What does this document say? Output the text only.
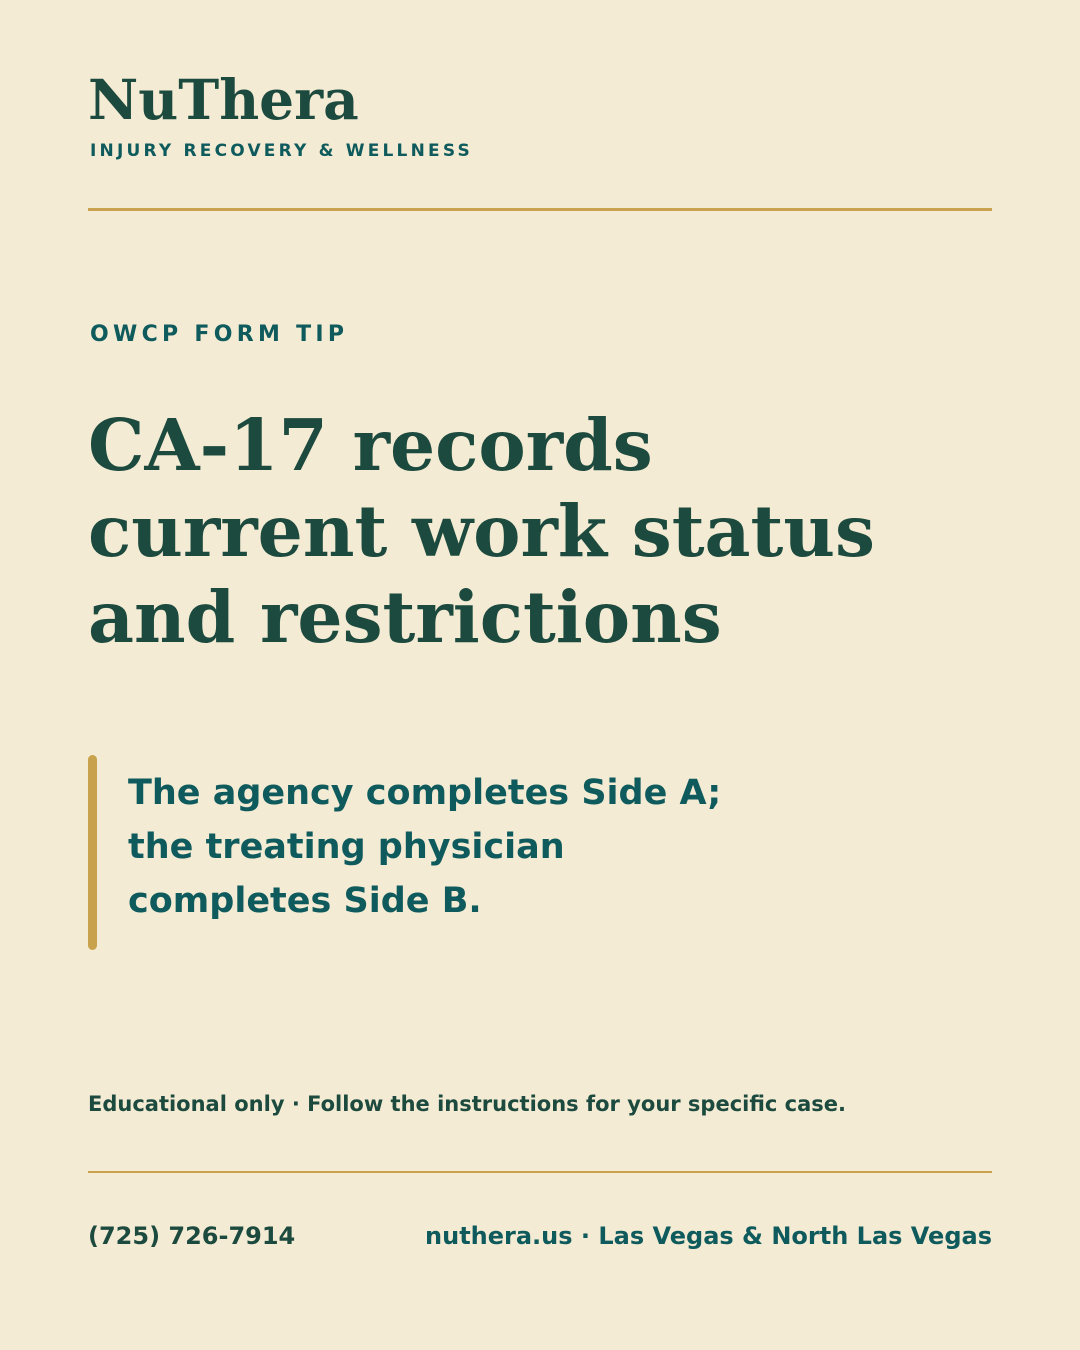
NuThera
INJURY RECOVERY & WELLNESS
OWCP FORM TIP
CA-17 records
current work status
and restrictions

The agency completes Side A;
the treating physician
completes Side B.

Educational only · Follow the instructions for your specific case.

(725) 726-7914	nuthera.us · Las Vegas & North Las Vegas
